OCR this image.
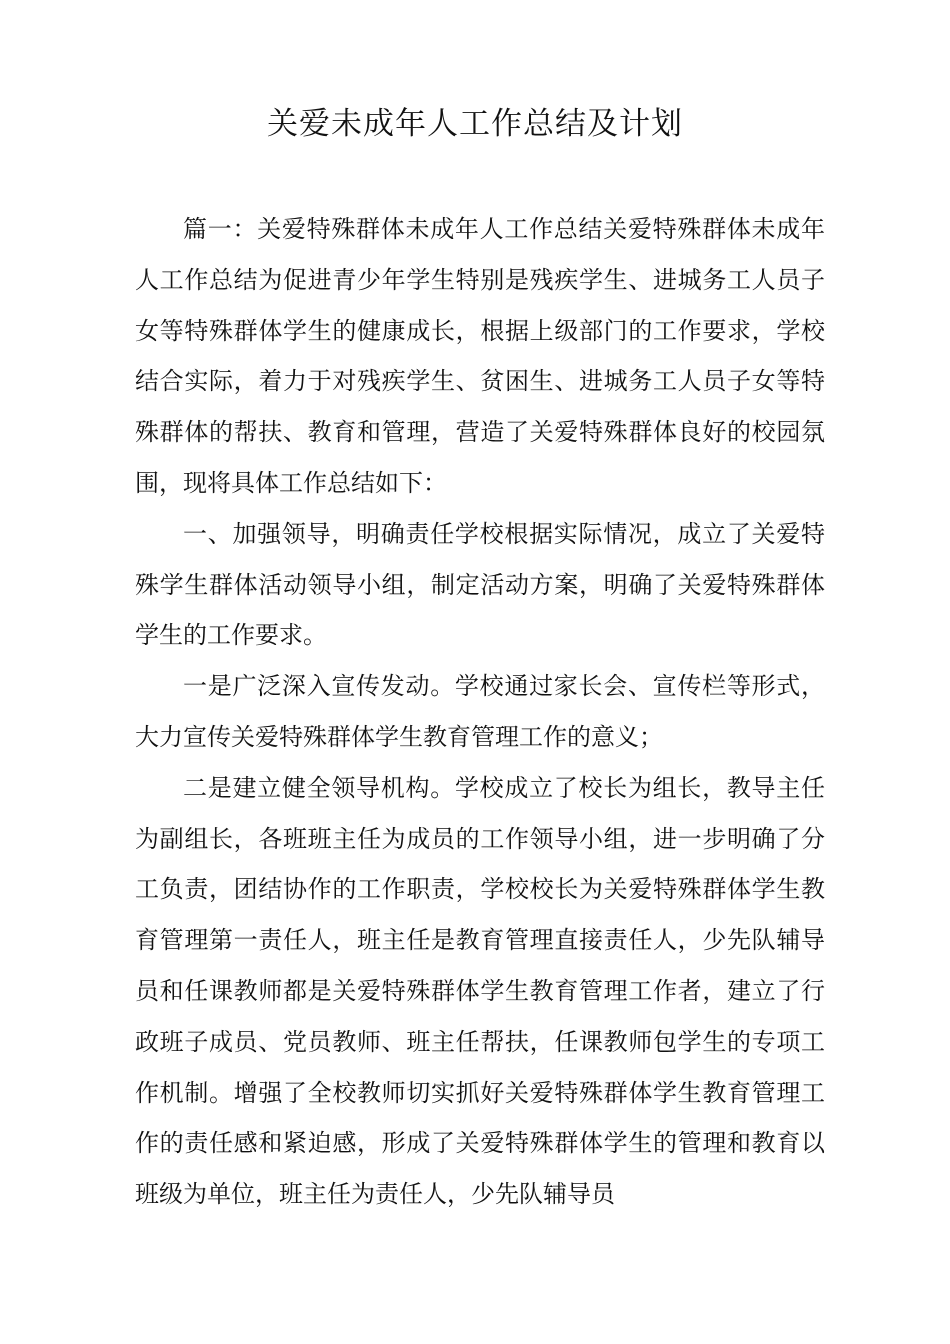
关爱未成年人工作总结及计划

篇一：关爱特殊群体未成年人工作总结关爱特殊群体未成年人工作总结为促进青少年学生特别是残疾学生、进城务工人员子女等特殊群体学生的健康成长，根据上级部门的工作要求，学校结合实际，着力于对残疾学生、贫困生、进城务工人员子女等特殊群体的帮扶、教育和管理，营造了关爱特殊群体良好的校园氛围，现将具体工作总结如下：

一、加强领导，明确责任学校根据实际情况，成立了关爱特殊学生群体活动领导小组，制定活动方案，明确了关爱特殊群体学生的工作要求。

一是广泛深入宣传发动。学校通过家长会、宣传栏等形式，大力宣传关爱特殊群体学生教育管理工作的意义；

二是建立健全领导机构。学校成立了校长为组长，教导主任为副组长，各班班主任为成员的工作领导小组，进一步明确了分工负责，团结协作的工作职责，学校校长为关爱特殊群体学生教育管理第一责任人，班主任是教育管理直接责任人，少先队辅导员和任课教师都是关爱特殊群体学生教育管理工作者，建立了行政班子成员、党员教师、班主任帮扶，任课教师包学生的专项工作机制。增强了全校教师切实抓好关爱特殊群体学生教育管理工作的责任感和紧迫感，形成了关爱特殊群体学生的管理和教育以班级为单位，班主任为责任人，少先队辅导员
